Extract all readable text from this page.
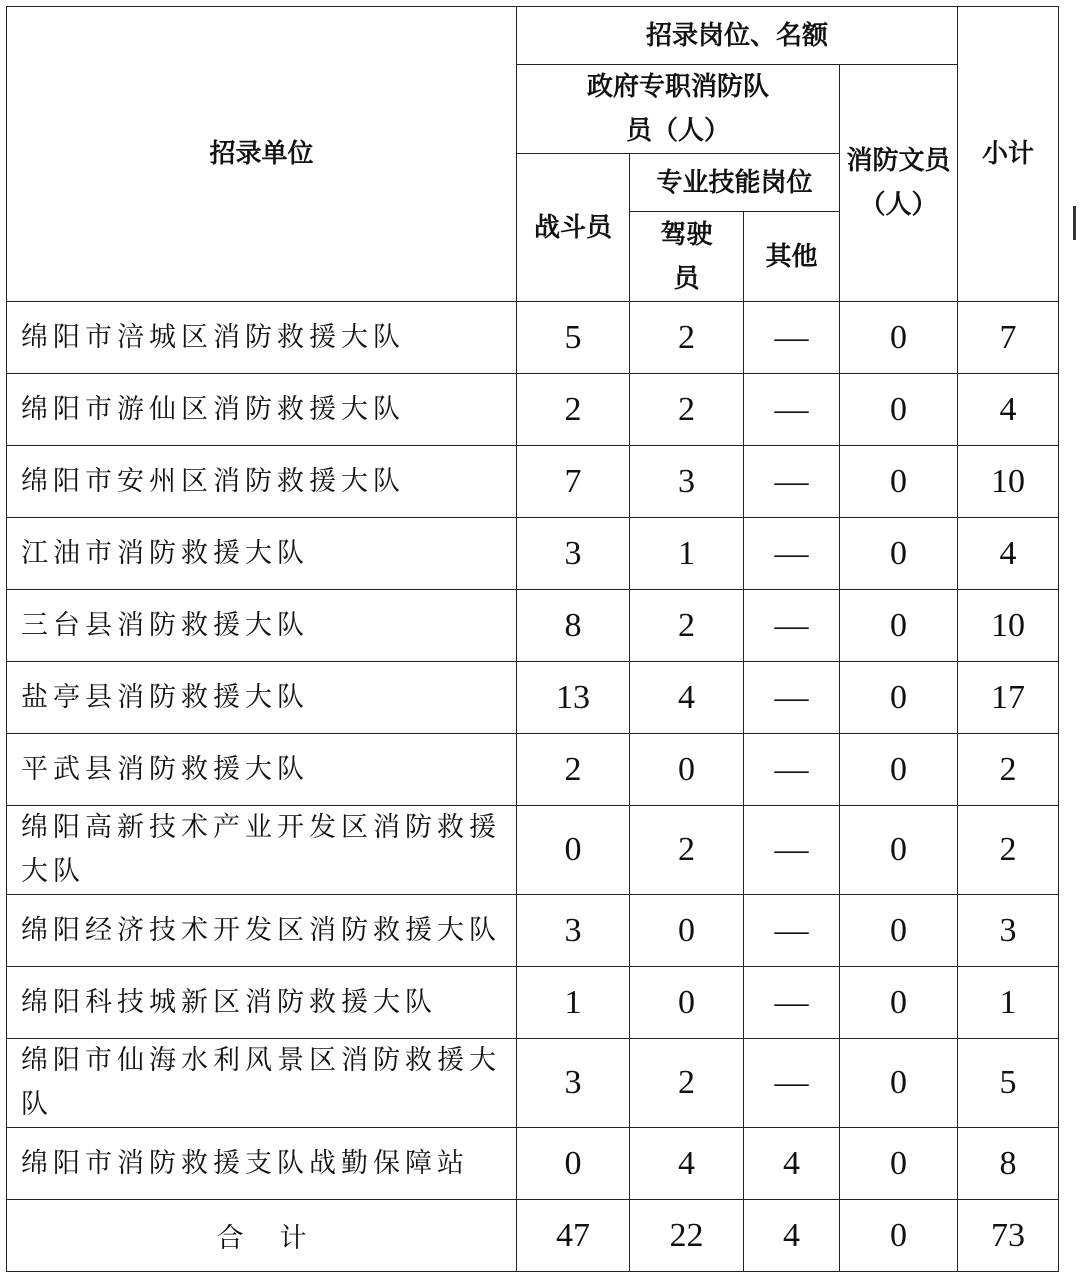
招录单位	招录岗位、名额				小计
	政府专职消防队员（人）			消防文员（人）	
	战斗员	专业技能岗位			
		驾驶员	其他		
绵阳市涪城区消防救援大队	5	2	—	0	7
绵阳市游仙区消防救援大队	2	2	—	0	4
绵阳市安州区消防救援大队	7	3	—	0	10
江油市消防救援大队	3	1	—	0	4
三台县消防救援大队	8	2	—	0	10
盐亭县消防救援大队	13	4	—	0	17
平武县消防救援大队	2	0	—	0	2
绵阳高新技术产业开发区消防救援大队	0	2	—	0	2
绵阳经济技术开发区消防救援大队	3	0	—	0	3
绵阳科技城新区消防救援大队	1	0	—	0	1
绵阳市仙海水利风景区消防救援大队	3	2	—	0	5
绵阳市消防救援支队战勤保障站	0	4	4	0	8
合 计	47	22	4	0	73
